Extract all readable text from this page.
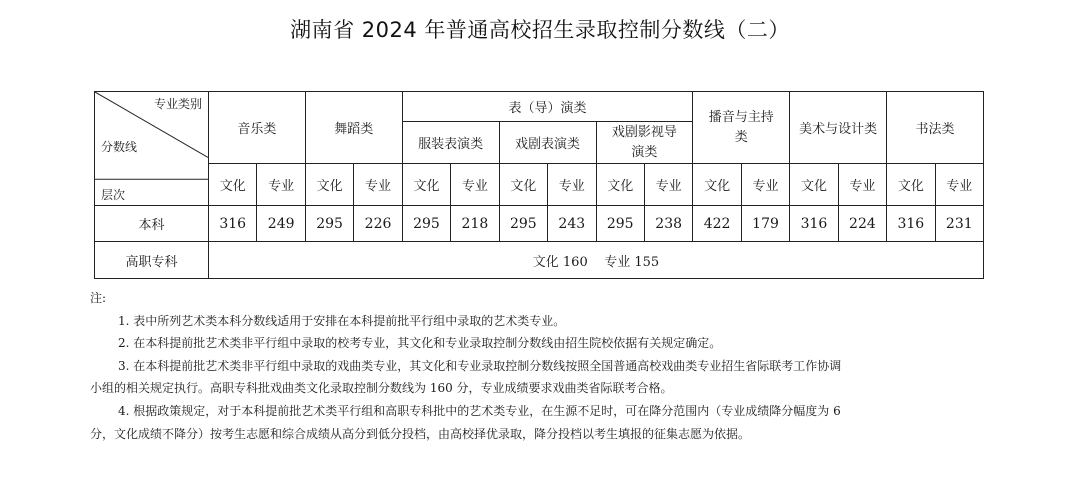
湖南省 2024 年普通高校招生录取控制分数线（二）
专业类别
分数线
层次	音乐类		舞蹈类		表（导）演类						播音与主持类		美术与设计类		书法类	
					服装表演类		戏剧表演类		戏剧影视导演类							
	文化	专业	文化	专业	文化	专业	文化	专业	文化	专业	文化	专业	文化	专业	文化	专业
本科	316	249	295	226	295	218	295	243	295	238	422	179	316	224	316	231
高职专科	文化 160    专业 155															

注:

1. 表中所列艺术类本科分数线适用于安排在本科提前批平行组中录取的艺术类专业。

2. 在本科提前批艺术类非平行组中录取的校考专业，其文化和专业录取控制分数线由招生院校依据有关规定确定。

3. 在本科提前批艺术类非平行组中录取的戏曲类专业，其文化和专业录取控制分数线按照全国普通高校戏曲类专业招生省际联考工作协调

小组的相关规定执行。高职专科批戏曲类文化录取控制分数线为 160 分，专业成绩要求戏曲类省际联考合格。

4. 根据政策规定，对于本科提前批艺术类平行组和高职专科批中的艺术类专业，在生源不足时，可在降分范围内（专业成绩降分幅度为 6

分，文化成绩不降分）按考生志愿和综合成绩从高分到低分投档，由高校择优录取，降分投档以考生填报的征集志愿为依据。
